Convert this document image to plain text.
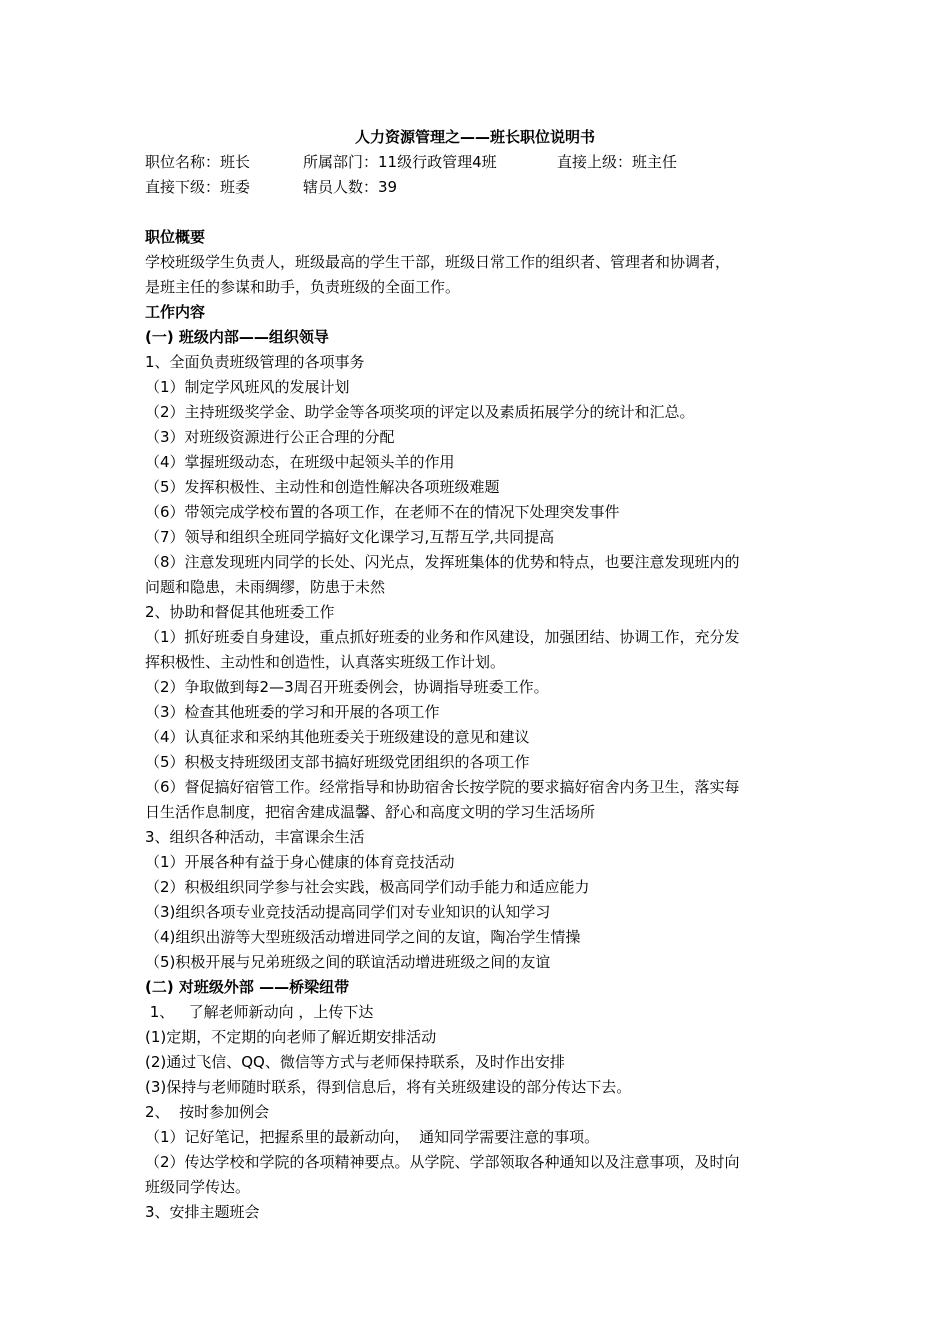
人力资源管理之——班长职位说明书
职位名称：班长	所属部门：11级行政管理4班	直接上级：班主任
直接下级：班委	辖员人数：39
职位概要
学校班级学生负责人，班级最高的学生干部，班级日常工作的组织者、管理者和协调者，
是班主任的参谋和助手，负责班级的全面工作。
工作内容
(一) 班级内部——组织领导
1、全面负责班级管理的各项事务
（1）制定学风班风的发展计划
（2）主持班级奖学金、助学金等各项奖项的评定以及素质拓展学分的统计和汇总。
（3）对班级资源进行公正合理的分配
（4）掌握班级动态，在班级中起领头羊的作用
（5）发挥积极性、主动性和创造性解决各项班级难题
（6）带领完成学校布置的各项工作，在老师不在的情况下处理突发事件
（7）领导和组织全班同学搞好文化课学习,互帮互学,共同提高
（8）注意发现班内同学的长处、闪光点，发挥班集体的优势和特点，也要注意发现班内的
问题和隐患，未雨绸缪，防患于未然
2、协助和督促其他班委工作
（1）抓好班委自身建设，重点抓好班委的业务和作风建设，加强团结、协调工作，充分发
挥积极性、主动性和创造性，认真落实班级工作计划。
（2）争取做到每2—3周召开班委例会，协调指导班委工作。
（3）检查其他班委的学习和开展的各项工作
（4）认真征求和采纳其他班委关于班级建设的意见和建议
（5）积极支持班级团支部书搞好班级党团组织的各项工作
（6）督促搞好宿管工作。经常指导和协助宿舍长按学院的要求搞好宿舍内务卫生，落实每
日生活作息制度，把宿舍建成温馨、舒心和高度文明的学习生活场所
3、组织各种活动，丰富课余生活
（1）开展各种有益于身心健康的体育竞技活动
（2）积极组织同学参与社会实践，极高同学们动手能力和适应能力
（3)组织各项专业竞技活动提高同学们对专业知识的认知学习
（4)组织出游等大型班级活动增进同学之间的友谊，陶冶学生情操
（5)积极开展与兄弟班级之间的联谊活动增进班级之间的友谊
(二) 对班级外部 ——桥梁纽带
1、   了解老师新动向 ，上传下达
(1)定期，不定期的向老师了解近期安排活动
(2)通过飞信、QQ、微信等方式与老师保持联系，及时作出安排
(3)保持与老师随时联系，得到信息后，将有关班级建设的部分传达下去。
2、  按时参加例会
（1）记好笔记，把握系里的最新动向，  通知同学需要注意的事项。
（2）传达学校和学院的各项精神要点。从学院、学部领取各种通知以及注意事项，及时向
班级同学传达。
3、安排主题班会
